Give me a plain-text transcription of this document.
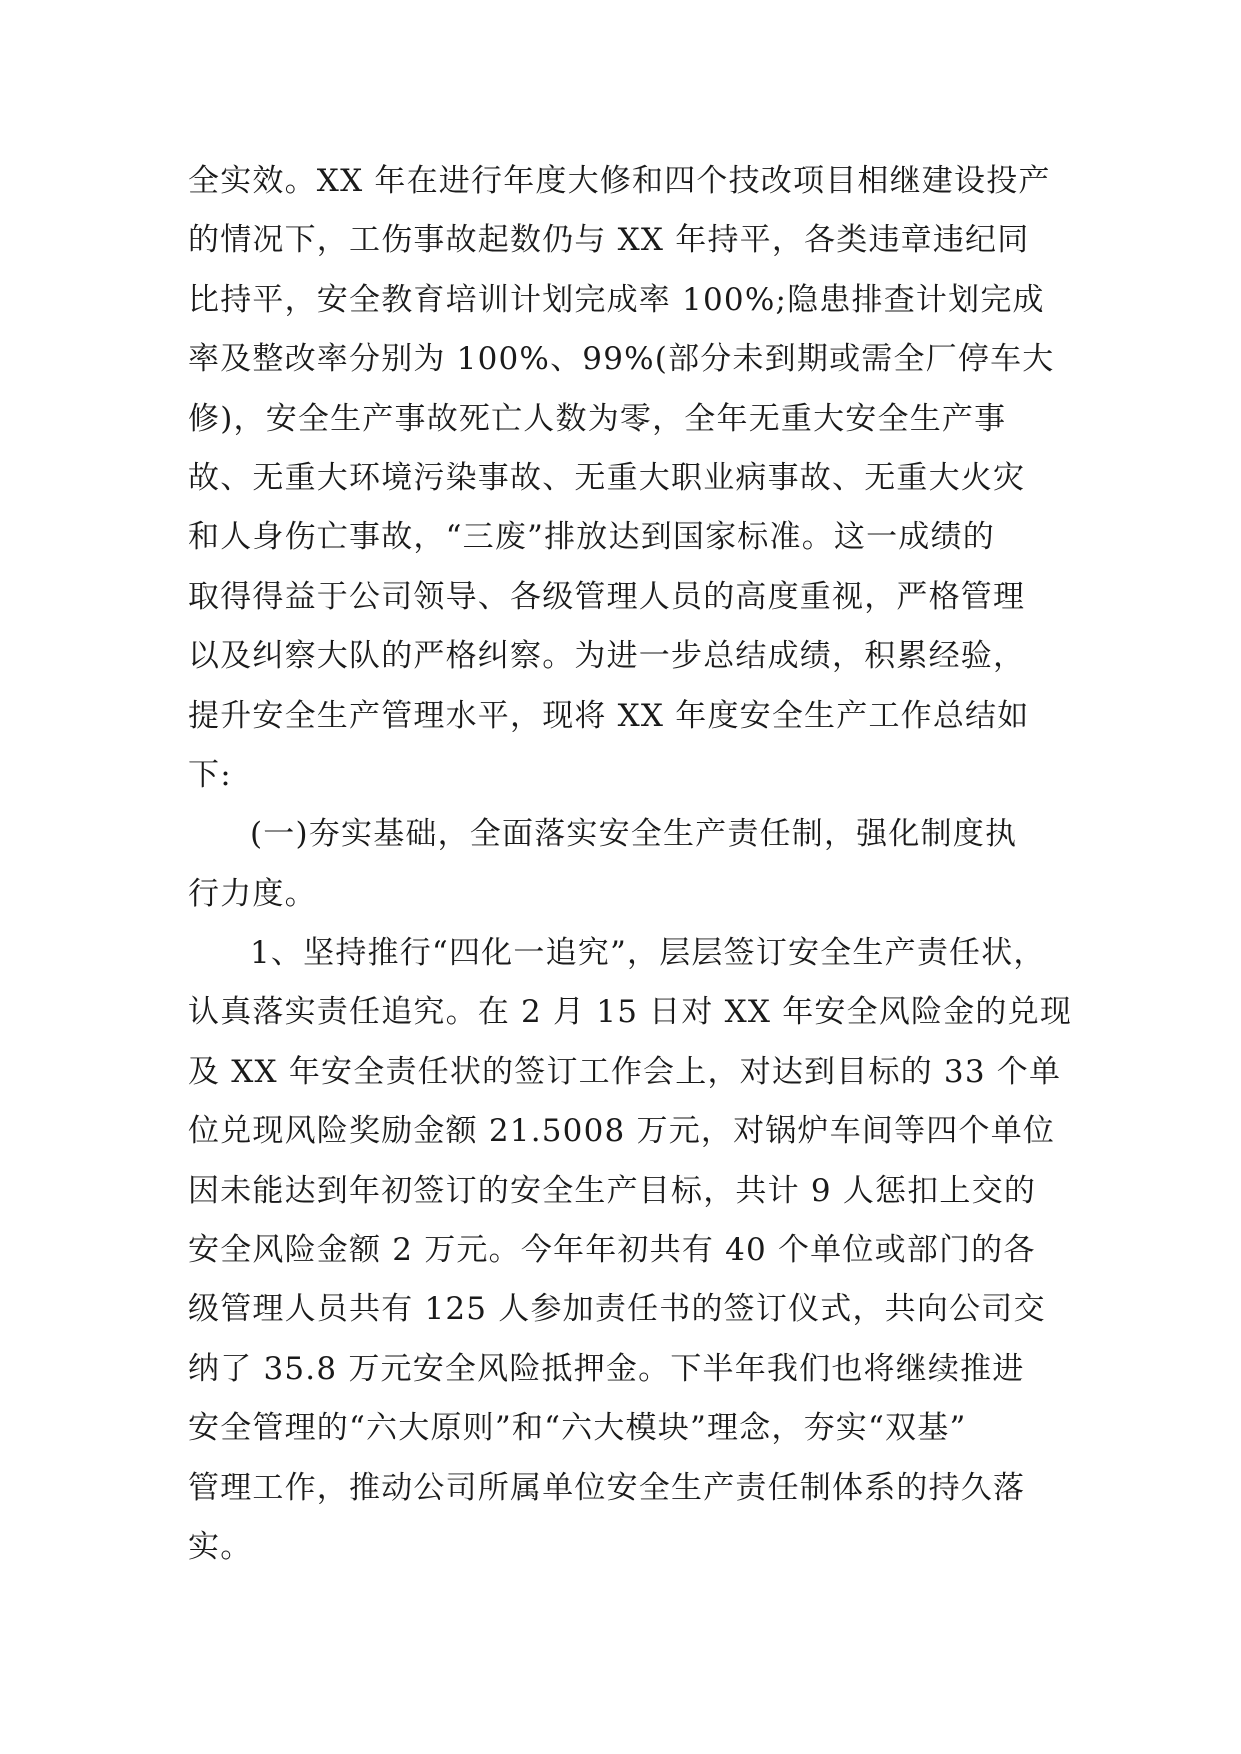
全实效。XX 年在进行年度大修和四个技改项目相继建设投产
的情况下，工伤事故起数仍与 XX 年持平，各类违章违纪同
比持平，安全教育培训计划完成率 100%;隐患排查计划完成
率及整改率分别为 100%、99%(部分未到期或需全厂停车大
修)，安全生产事故死亡人数为零，全年无重大安全生产事
故、无重大环境污染事故、无重大职业病事故、无重大火灾
和人身伤亡事故，“三废”排放达到国家标准。这一成绩的
取得得益于公司领导、各级管理人员的高度重视，严格管理
以及纠察大队的严格纠察。为进一步总结成绩，积累经验，
提升安全生产管理水平，现将 XX 年度安全生产工作总结如
下:
(一)夯实基础，全面落实安全生产责任制，强化制度执
行力度。
1、坚持推行“四化一追究”，层层签订安全生产责任状，
认真落实责任追究。在 2 月 15 日对 XX 年安全风险金的兑现
及 XX 年安全责任状的签订工作会上，对达到目标的 33 个单
位兑现风险奖励金额 21.5008 万元，对锅炉车间等四个单位
因未能达到年初签订的安全生产目标，共计 9 人惩扣上交的
安全风险金额 2 万元。今年年初共有 40 个单位或部门的各
级管理人员共有 125 人参加责任书的签订仪式，共向公司交
纳了 35.8 万元安全风险抵押金。下半年我们也将继续推进
安全管理的“六大原则”和“六大模块”理念，夯实“双基”
管理工作，推动公司所属单位安全生产责任制体系的持久落
实。
